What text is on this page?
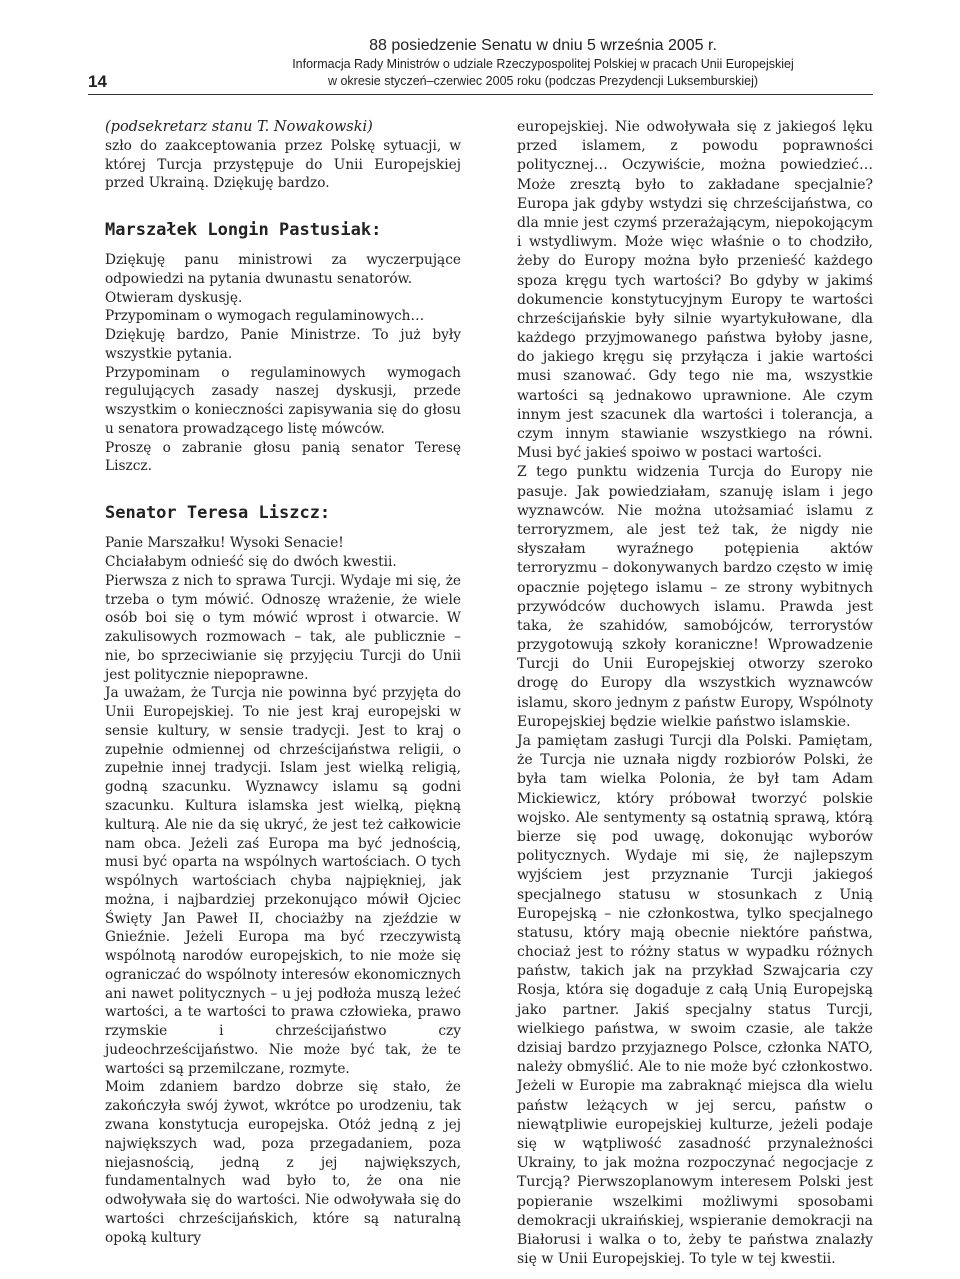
14
88 posiedzenie Senatu w dniu 5 września 2005 r.
Informacja Rady Ministrów o udziale Rzeczypospolitej Polskiej w pracach Unii Europejskiej
w okresie styczeń–czerwiec 2005 roku (podczas Prezydencji Luksemburskiej)

(podsekretarz stanu T. Nowakowski)

szło do zaakceptowania przez Polskę sytuacji, w której Turcja przystępuje do Unii Europejskiej przed Ukrainą. Dziękuję bardzo.

Marszałek Longin Pastusiak:

Dziękuję panu ministrowi za wyczerpujące odpowiedzi na pytania dwunastu senatorów.

Otwieram dyskusję.

Przypominam o wymogach regulaminowych…

Dziękuję bardzo, Panie Ministrze. To już były wszystkie pytania.

Przypominam o regulaminowych wymogach regulujących zasady naszej dyskusji, przede wszystkim o konieczności zapisywania się do głosu u senatora prowadzącego listę mówców.

Proszę o zabranie głosu panią senator Teresę Liszcz.

Senator Teresa Liszcz:

Panie Marszałku! Wysoki Senacie!

Chciałabym odnieść się do dwóch kwestii.

Pierwsza z nich to sprawa Turcji. Wydaje mi się, że trzeba o tym mówić. Odnoszę wrażenie, że wiele osób boi się o tym mówić wprost i otwarcie. W zakulisowych rozmowach – tak, ale publicznie – nie, bo sprzeciwianie się przyjęciu Turcji do Unii jest politycznie niepoprawne.

Ja uważam, że Turcja nie powinna być przyjęta do Unii Europejskiej. To nie jest kraj europejski w sensie kultury, w sensie tradycji. Jest to kraj o zupełnie odmiennej od chrześcijaństwa religii, o zupełnie innej tradycji. Islam jest wielką religią, godną szacunku. Wyznawcy islamu są godni szacunku. Kultura islamska jest wielką, piękną kulturą. Ale nie da się ukryć, że jest też całkowicie nam obca. Jeżeli zaś Europa ma być jednością, musi być oparta na wspólnych wartościach. O tych wspólnych wartościach chyba najpiękniej, jak można, i najbardziej przekonująco mówił Ojciec Święty Jan Paweł II, chociażby na zjeździe w Gnieźnie. Jeżeli Europa ma być rzeczywistą wspólnotą narodów europejskich, to nie może się ograniczać do wspólnoty interesów ekonomicznych ani nawet politycznych – u jej podłoża muszą leżeć wartości, a te wartości to prawa człowieka, prawo rzymskie i chrześcijaństwo czy judeochrześcijaństwo. Nie może być tak, że te wartości są przemilczane, rozmyte.

Moim zdaniem bardzo dobrze się stało, że zakończyła swój żywot, wkrótce po urodzeniu, tak zwana konstytucja europejska. Otóż jedną z jej największych wad, poza przegadaniem, poza niejasnością, jedną z jej największych, fundamentalnych wad było to, że ona nie odwoływała się do wartości. Nie odwoływała się do wartości chrześcijańskich, które są naturalną opoką kultury

europejskiej. Nie odwoływała się z jakiegoś lęku przed islamem, z powodu poprawności politycznej… Oczywiście, można powiedzieć… Może zresztą było to zakładane specjalnie? Europa jak gdyby wstydzi się chrześcijaństwa, co dla mnie jest czymś przerażającym, niepokojącym i wstydliwym. Może więc właśnie o to chodziło, żeby do Europy można było przenieść każdego spoza kręgu tych wartości? Bo gdyby w jakimś dokumencie konstytucyjnym Europy te wartości chrześcijańskie były silnie wyartykułowane, dla każdego przyjmowanego państwa byłoby jasne, do jakiego kręgu się przyłącza i jakie wartości musi szanować. Gdy tego nie ma, wszystkie wartości są jednakowo uprawnione. Ale czym innym jest szacunek dla wartości i tolerancja, a czym innym stawianie wszystkiego na równi. Musi być jakieś spoiwo w postaci wartości.

Z tego punktu widzenia Turcja do Europy nie pasuje. Jak powiedziałam, szanuję islam i jego wyznawców. Nie można utożsamiać islamu z terroryzmem, ale jest też tak, że nigdy nie słyszałam wyraźnego potępienia aktów terroryzmu – dokonywanych bardzo często w imię opacznie pojętego islamu – ze strony wybitnych przywódców duchowych islamu. Prawda jest taka, że szahidów, samobójców, terrorystów przygotowują szkoły koraniczne! Wprowadzenie Turcji do Unii Europejskiej otworzy szeroko drogę do Europy dla wszystkich wyznawców islamu, skoro jednym z państw Europy, Wspólnoty Europejskiej będzie wielkie państwo islamskie.

Ja pamiętam zasługi Turcji dla Polski. Pamiętam, że Turcja nie uznała nigdy rozbiorów Polski, że była tam wielka Polonia, że był tam Adam Mickiewicz, który próbował tworzyć polskie wojsko. Ale sentymenty są ostatnią sprawą, którą bierze się pod uwagę, dokonując wyborów politycznych. Wydaje mi się, że najlepszym wyjściem jest przyznanie Turcji jakiegoś specjalnego statusu w stosunkach z Unią Europejską – nie członkostwa, tylko specjalnego statusu, który mają obecnie niektóre państwa, chociaż jest to różny status w wypadku różnych państw, takich jak na przykład Szwajcaria czy Rosja, która się dogaduje z całą Unią Europejską jako partner. Jakiś specjalny status Turcji, wielkiego państwa, w swoim czasie, ale także dzisiaj bardzo przyjaznego Polsce, członka NATO, należy obmyślić. Ale to nie może być członkostwo.

Jeżeli w Europie ma zabraknąć miejsca dla wielu państw leżących w jej sercu, państw o niewątpliwie europejskiej kulturze, jeżeli podaje się w wątpliwość zasadność przynależności Ukrainy, to jak można rozpoczynać negocjacje z Turcją? Pierwszoplanowym interesem Polski jest popieranie wszelkimi możliwymi sposobami demokracji ukraińskiej, wspieranie demokracji na Białorusi i walka o to, żeby te państwa znalazły się w Unii Europejskiej. To tyle w tej kwestii.
